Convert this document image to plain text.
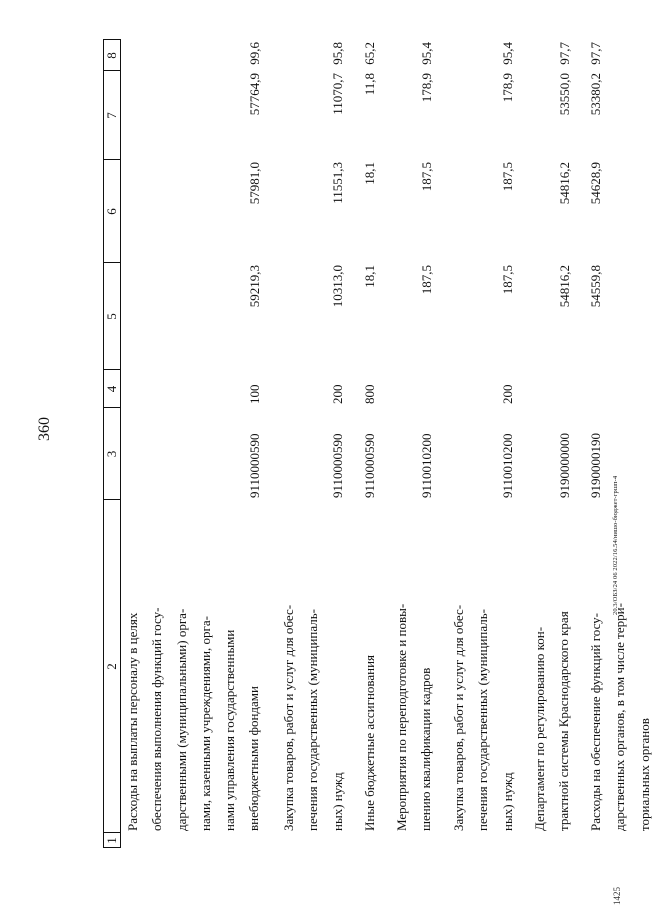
360
20.3/ОБЗ/24 06 2022/16.54/нишо-бюджет-гршп-4
1425
1
2
3
4
5
6
7
8
Расходы на выплаты персоналу в целях обеспечения выполнения функций госу- дарственными (муниципальными) орга- нами, казенными учреждениями, орга- нами управления государственными внебюджетными фондами
9110000590
100
59219,3
57981,0
57764,9
99,6
Закупка товаров, работ и услуг для обес- печения государственных (муниципаль- ных) нужд
9110000590
200
10313,0
11551,3
11070,7
95,8
Иные бюджетные ассигнования
9110000590
800
18,1
18,1
11,8
65,2
Мероприятия по переподготовке и повы- шению квалификации кадров
9110010200
187,5
187,5
178,9
95,4
Закупка товаров, работ и услуг для обес- печения государственных (муниципаль- ных) нужд
9110010200
200
187,5
187,5
178,9
95,4
Департамент по регулированию кон- трактной системы Краснодарского края
9190000000
54816,2
54816,2
53550,0
97,7
Расходы на обеспечение функций госу- дарственных органов, в том числе терри- ториальных органов
9190000190
54559,8
54628,9
53380,2
97,7
